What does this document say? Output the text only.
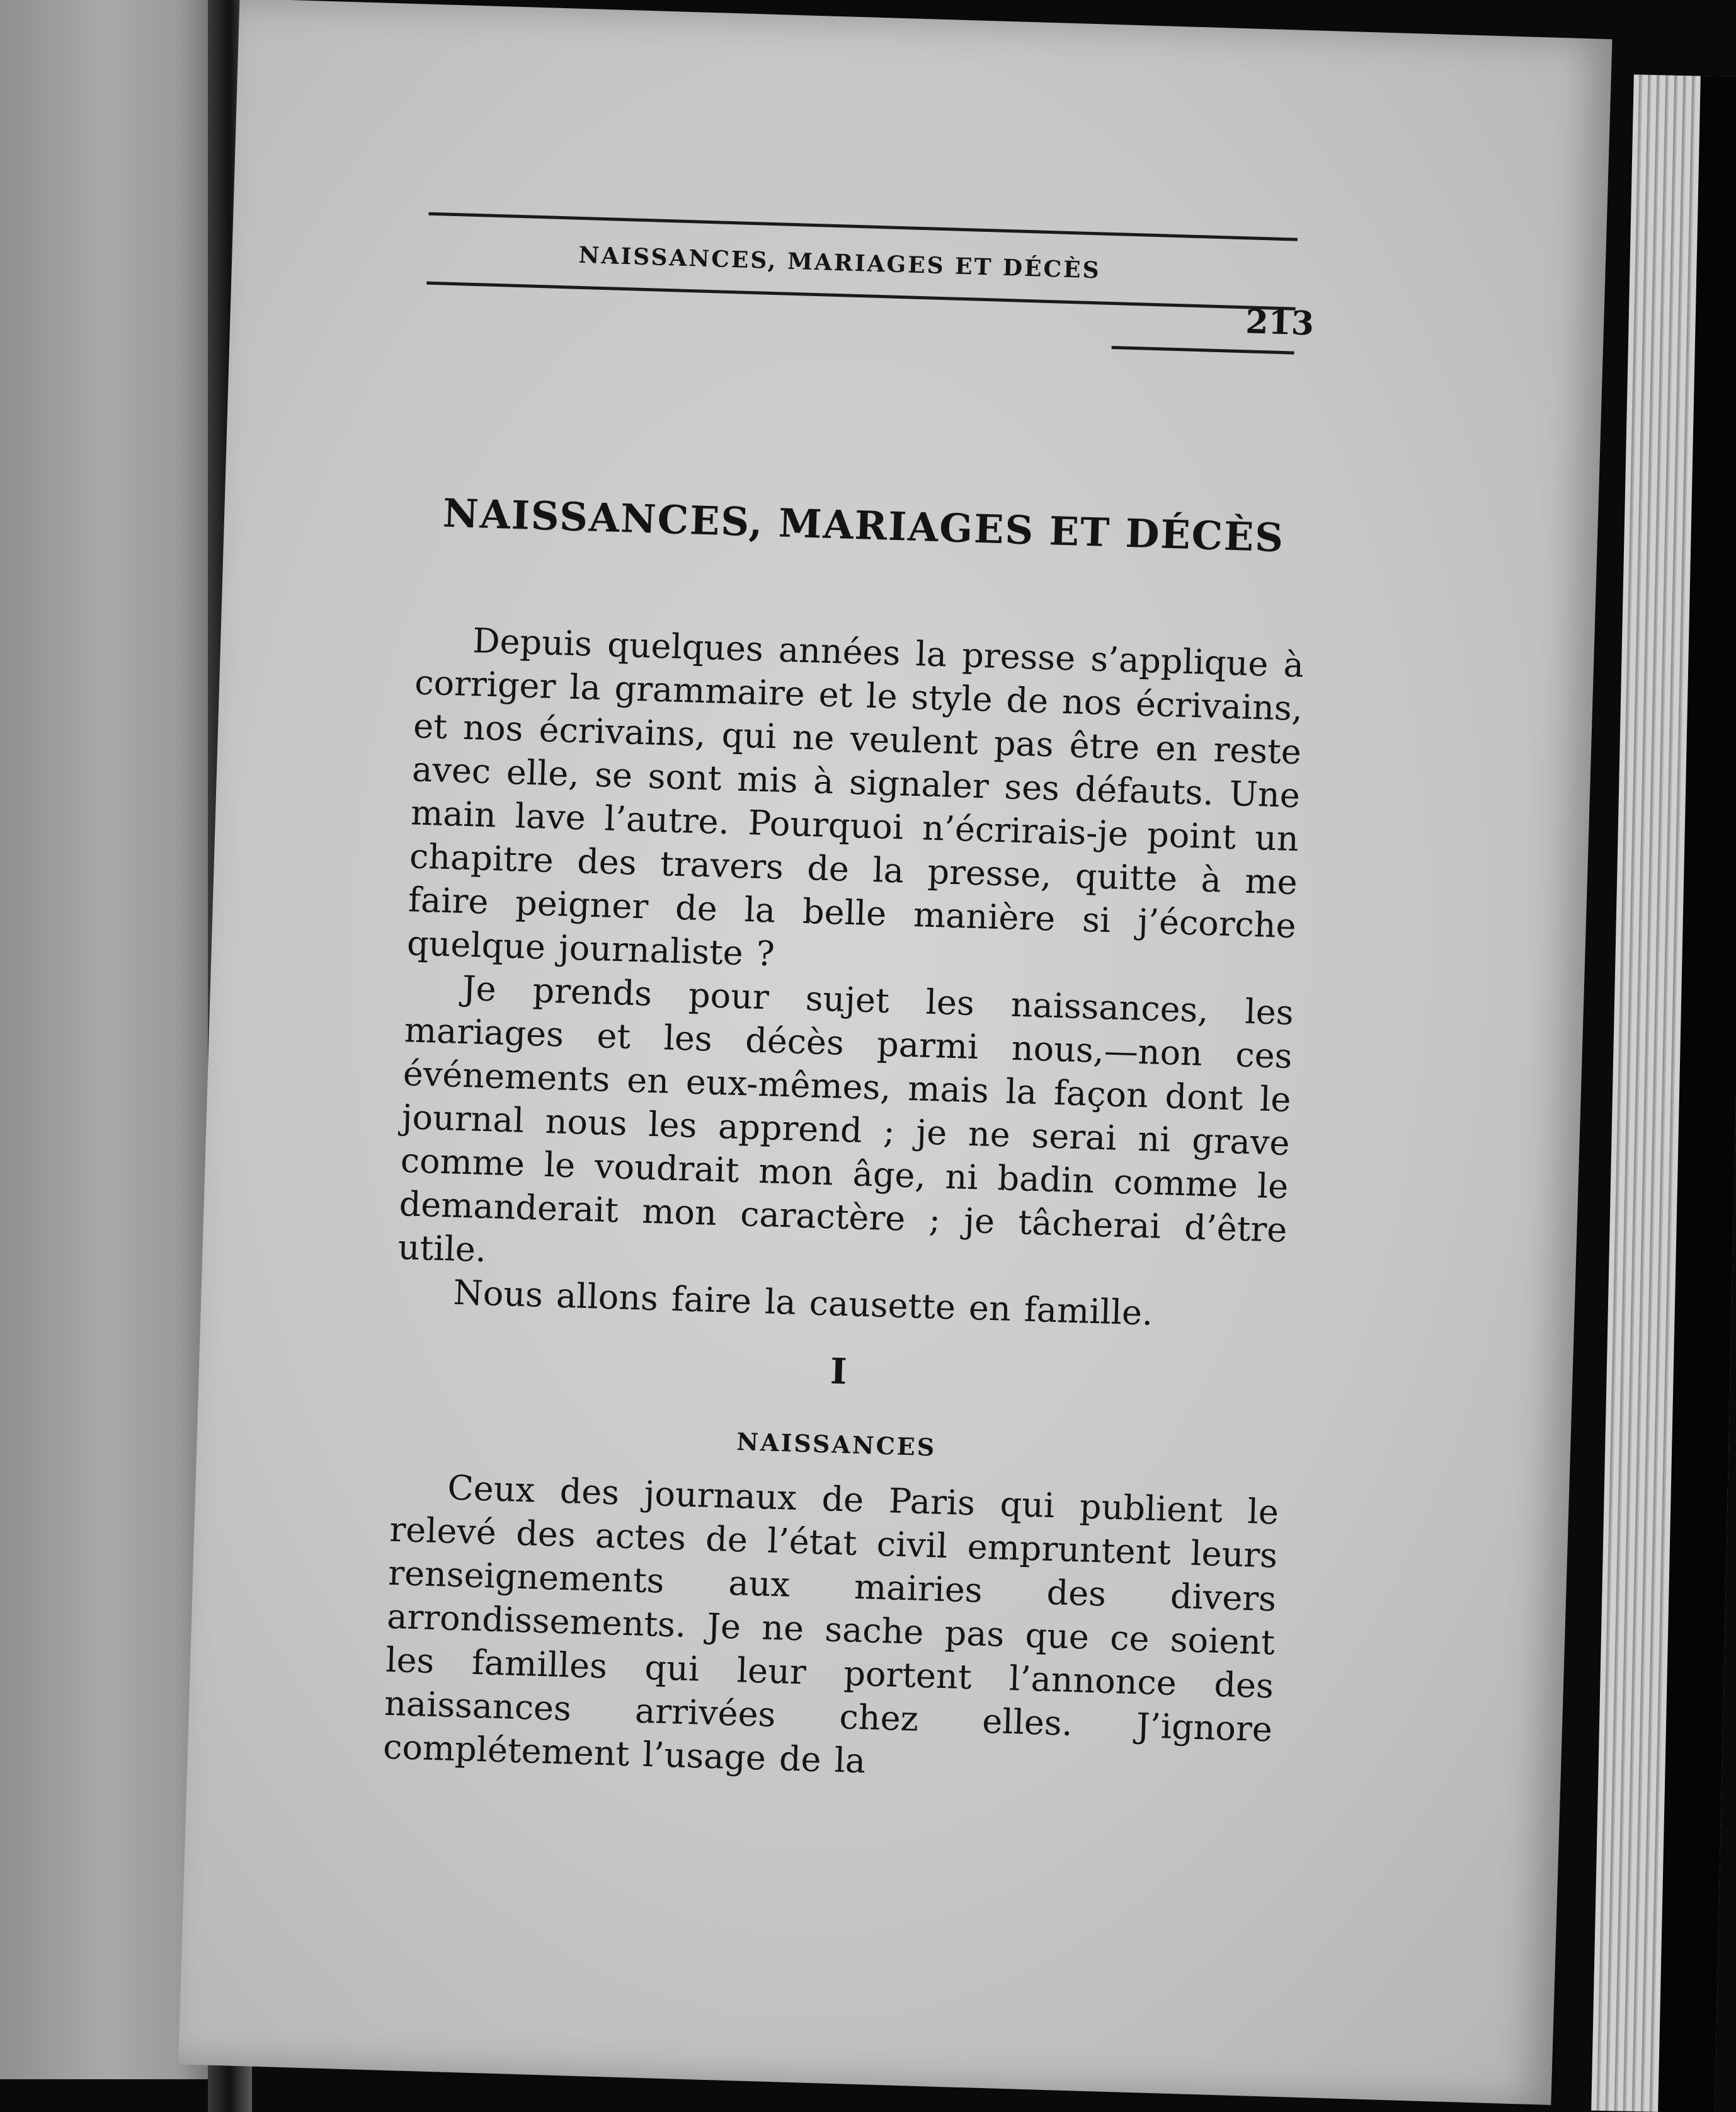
NAISSANCES, MARIAGES ET DÉCÈS
213
NAISSANCES, MARIAGES ET DÉCÈS

Depuis quelques années la presse s’applique à corriger la grammaire et le style de nos écrivains, et nos écrivains, qui ne veulent pas être en reste avec elle, se sont mis à signaler ses défauts. Une main lave l’autre. Pourquoi n’écrirais-je point un chapitre des travers de la presse, quitte à me faire peigner de la belle manière si j’écorche quelque journaliste ?

Je prends pour sujet les naissances, les mariages et les décès parmi nous,—non ces événements en eux-mêmes, mais la façon dont le journal nous les apprend ; je ne serai ni grave comme le voudrait mon âge, ni badin comme le demanderait mon caractère ; je tâcherai d’être utile.

Nous allons faire la causette en famille.

I
NAISSANCES

Ceux des journaux de Paris qui publient le relevé des actes de l’état civil empruntent leurs renseignements aux mairies des divers arrondissements. Je ne sache pas que ce soient les familles qui leur portent l’annonce des naissances arrivées chez elles. J’ignore complétement l’usage de la
